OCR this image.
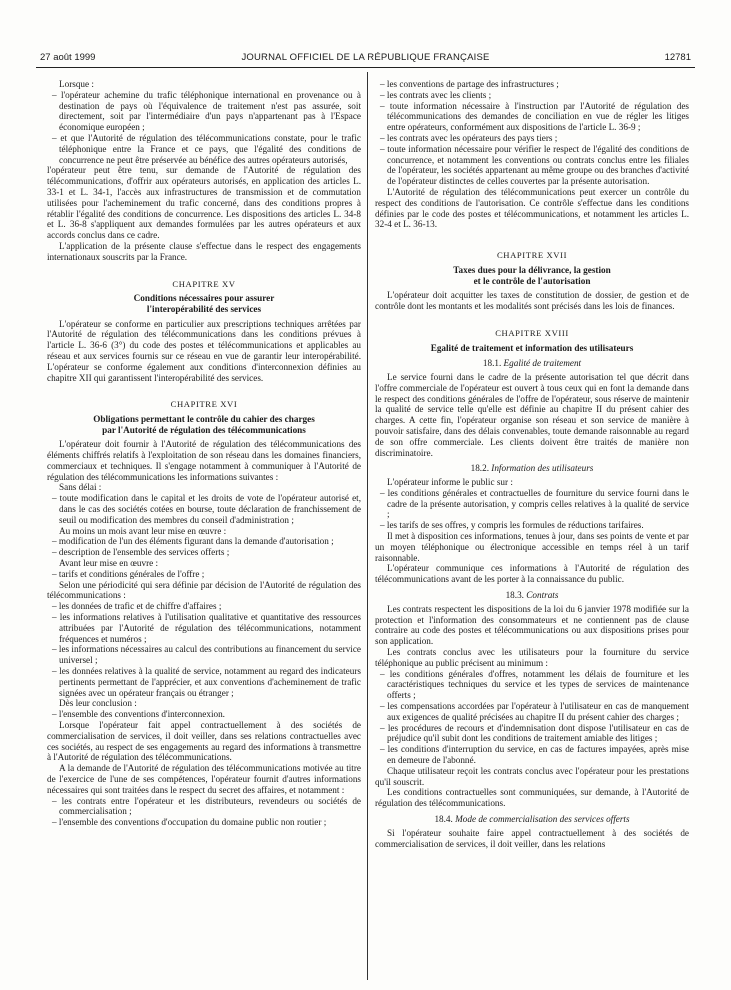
27 août 1999	JOURNAL OFFICIEL DE LA RÉPUBLIQUE FRANÇAISE	12781

Lorsque :

– l'opérateur achemine du trafic téléphonique international en provenance ou à destination de pays où l'équivalence de traitement n'est pas assurée, soit directement, soit par l'intermédiaire d'un pays n'appartenant pas à l'Espace économique européen ;

– et que l'Autorité de régulation des télécommunications constate, pour le trafic téléphonique entre la France et ce pays, que l'égalité des conditions de concurrence ne peut être préservée au bénéfice des autres opérateurs autorisés,

l'opérateur peut être tenu, sur demande de l'Autorité de régulation des télécommunications, d'offrir aux opérateurs autorisés, en application des articles L. 33-1 et L. 34-1, l'accès aux infrastructures de transmission et de commutation utilisées pour l'acheminement du trafic concerné, dans des conditions propres à rétablir l'égalité des conditions de concurrence. Les dispositions des articles L. 34-8 et L. 36-8 s'appliquent aux demandes formulées par les autres opérateurs et aux accords conclus dans ce cadre.

L'application de la présente clause s'effectue dans le respect des engagements internationaux souscrits par la France.

CHAPITRE XV
Conditions nécessaires pour assurer
l'interopérabilité des services

L'opérateur se conforme en particulier aux prescriptions techniques arrêtées par l'Autorité de régulation des télécommunications dans les conditions prévues à l'article L. 36-6 (3°) du code des postes et télécommunications et applicables au réseau et aux services fournis sur ce réseau en vue de garantir leur interopérabilité. L'opérateur se conforme également aux conditions d'interconnexion définies au chapitre XII qui garantissent l'interopérabilité des services.

CHAPITRE XVI
Obligations permettant le contrôle du cahier des charges
par l'Autorité de régulation des télécommunications

L'opérateur doit fournir à l'Autorité de régulation des télécommunications des éléments chiffrés relatifs à l'exploitation de son réseau dans les domaines financiers, commerciaux et techniques. Il s'engage notamment à communiquer à l'Autorité de régulation des télécommunications les informations suivantes :

Sans délai :

– toute modification dans le capital et les droits de vote de l'opérateur autorisé et, dans le cas des sociétés cotées en bourse, toute déclaration de franchissement de seuil ou modification des membres du conseil d'administration ;

Au moins un mois avant leur mise en œuvre :

– modification de l'un des éléments figurant dans la demande d'autorisation ;

– description de l'ensemble des services offerts ;

Avant leur mise en œuvre :

– tarifs et conditions générales de l'offre ;

Selon une périodicité qui sera définie par décision de l'Autorité de régulation des télécommunications :

– les données de trafic et de chiffre d'affaires ;

– les informations relatives à l'utilisation qualitative et quantitative des ressources attribuées par l'Autorité de régulation des télécommunications, notamment fréquences et numéros ;

– les informations nécessaires au calcul des contributions au financement du service universel ;

– les données relatives à la qualité de service, notamment au regard des indicateurs pertinents permettant de l'apprécier, et aux conventions d'acheminement de trafic signées avec un opérateur français ou étranger ;

Dès leur conclusion :

– l'ensemble des conventions d'interconnexion.

Lorsque l'opérateur fait appel contractuellement à des sociétés de commercialisation de services, il doit veiller, dans ses relations contractuelles avec ces sociétés, au respect de ses engagements au regard des informations à transmettre à l'Autorité de régulation des télécommunications.

A la demande de l'Autorité de régulation des télécommunications motivée au titre de l'exercice de l'une de ses compétences, l'opérateur fournit d'autres informations nécessaires qui sont traitées dans le respect du secret des affaires, et notamment :

– les contrats entre l'opérateur et les distributeurs, revendeurs ou sociétés de commercialisation ;

– l'ensemble des conventions d'occupation du domaine public non routier ;

– les conventions de partage des infrastructures ;

– les contrats avec les clients ;

– toute information nécessaire à l'instruction par l'Autorité de régulation des télécommunications des demandes de conciliation en vue de régler les litiges entre opérateurs, conformément aux dispositions de l'article L. 36-9 ;

– les contrats avec les opérateurs des pays tiers ;

– toute information nécessaire pour vérifier le respect de l'égalité des conditions de concurrence, et notamment les conventions ou contrats conclus entre les filiales de l'opérateur, les sociétés appartenant au même groupe ou des branches d'activité de l'opérateur distinctes de celles couvertes par la présente autorisation.

L'Autorité de régulation des télécommunications peut exercer un contrôle du respect des conditions de l'autorisation. Ce contrôle s'effectue dans les conditions définies par le code des postes et télécommunications, et notamment les articles L. 32-4 et L. 36-13.

CHAPITRE XVII
Taxes dues pour la délivrance, la gestion
et le contrôle de l'autorisation

L'opérateur doit acquitter les taxes de constitution de dossier, de gestion et de contrôle dont les montants et les modalités sont précisés dans les lois de finances.

CHAPITRE XVIII
Egalité de traitement et information des utilisateurs
18.1. Egalité de traitement

Le service fourni dans le cadre de la présente autorisation tel que décrit dans l'offre commerciale de l'opérateur est ouvert à tous ceux qui en font la demande dans le respect des conditions générales de l'offre de l'opérateur, sous réserve de maintenir la qualité de service telle qu'elle est définie au chapitre II du présent cahier des charges. A cette fin, l'opérateur organise son réseau et son service de manière à pouvoir satisfaire, dans des délais convenables, toute demande raisonnable au regard de son offre commerciale. Les clients doivent être traités de manière non discriminatoire.

18.2. Information des utilisateurs

L'opérateur informe le public sur :

– les conditions générales et contractuelles de fourniture du service fourni dans le cadre de la présente autorisation, y compris celles relatives à la qualité de service ;

– les tarifs de ses offres, y compris les formules de réductions tarifaires.

Il met à disposition ces informations, tenues à jour, dans ses points de vente et par un moyen téléphonique ou électronique accessible en temps réel à un tarif raisonnable.

L'opérateur communique ces informations à l'Autorité de régulation des télécommunications avant de les porter à la connaissance du public.

18.3. Contrats

Les contrats respectent les dispositions de la loi du 6 janvier 1978 modifiée sur la protection et l'information des consommateurs et ne contiennent pas de clause contraire au code des postes et télécommunications ou aux dispositions prises pour son application.

Les contrats conclus avec les utilisateurs pour la fourniture du service téléphonique au public précisent au minimum :

– les conditions générales d'offres, notamment les délais de fourniture et les caractéristiques techniques du service et les types de services de maintenance offerts ;

– les compensations accordées par l'opérateur à l'utilisateur en cas de manquement aux exigences de qualité précisées au chapitre II du présent cahier des charges ;

– les procédures de recours et d'indemnisation dont dispose l'utilisateur en cas de préjudice qu'il subit dont les conditions de traitement amiable des litiges ;

– les conditions d'interruption du service, en cas de factures impayées, après mise en demeure de l'abonné.

Chaque utilisateur reçoit les contrats conclus avec l'opérateur pour les prestations qu'il souscrit.

Les conditions contractuelles sont communiquées, sur demande, à l'Autorité de régulation des télécommunications.

18.4. Mode de commercialisation des services offerts

Si l'opérateur souhaite faire appel contractuellement à des sociétés de commercialisation de services, il doit veiller, dans les relations
